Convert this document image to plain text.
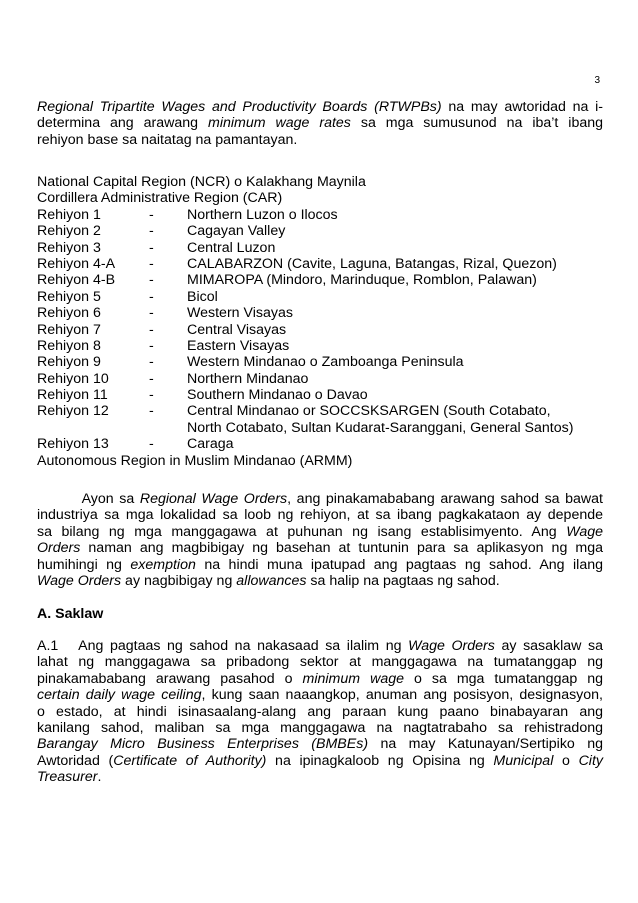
3
Regional Tripartite Wages and Productivity Boards (RTWPBs) na may awtoridad na i-
determina ang arawang minimum wage rates sa mga sumusunod na iba’t ibang
rehiyon base sa naitatag na pamantayan.
National Capital Region (NCR) o Kalakhang Maynila
Cordillera Administrative Region (CAR)
Rehiyon 1	- Northern Luzon o Ilocos
Rehiyon 2	- Cagayan Valley
Rehiyon 3	- Central Luzon
Rehiyon 4-A - CALABARZON (Cavite, Laguna, Batangas, Rizal, Quezon)
Rehiyon 4-B - MIMAROPA (Mindoro, Marinduque, Romblon, Palawan)
Rehiyon 5	- Bicol
Rehiyon 6	- Western Visayas
Rehiyon 7	- Central Visayas
Rehiyon 8	- Eastern Visayas
Rehiyon 9	- Western Mindanao o Zamboanga Peninsula
Rehiyon 10	- Northern Mindanao
Rehiyon 11	- Southern Mindanao o Davao
Rehiyon 12	- Central Mindanao or SOCCSKSARGEN (South Cotabato,
North Cotabato, Sultan Kudarat-Saranggani, General Santos)
Rehiyon 13	- Caraga
Autonomous Region in Muslim Mindanao (ARMM)
Ayon sa Regional Wage Orders, ang pinakamababang arawang sahod sa bawat
industriya sa mga lokalidad sa loob ng rehiyon, at sa ibang pagkakataon ay depende
sa bilang ng mga manggagawa at puhunan ng isang establisimyento. Ang Wage
Orders naman ang magbibigay ng basehan at tuntunin para sa aplikasyon ng mga
humihingi ng exemption na hindi muna ipatupad ang pagtaas ng sahod. Ang ilang
Wage Orders ay nagbibigay ng allowances sa halip na pagtaas ng sahod.
A. Saklaw
A.1   Ang pagtaas ng sahod na nakasaad sa ilalim ng Wage Orders ay sasaklaw sa
lahat ng manggagawa sa pribadong sektor at manggagawa na tumatanggap ng
pinakamababang arawang pasahod o minimum wage o sa mga tumatanggap ng
certain daily wage ceiling, kung saan naaangkop, anuman ang posisyon, designasyon,
o estado, at hindi isinasaalang-alang ang paraan kung paano binabayaran ang
kanilang sahod, maliban sa mga manggagawa na nagtatrabaho sa rehistradong
Barangay Micro Business Enterprises (BMBEs) na may Katunayan/Sertipiko ng
Awtoridad (Certificate of Authority) na ipinagkaloob ng Opisina ng Municipal o City
Treasurer.
